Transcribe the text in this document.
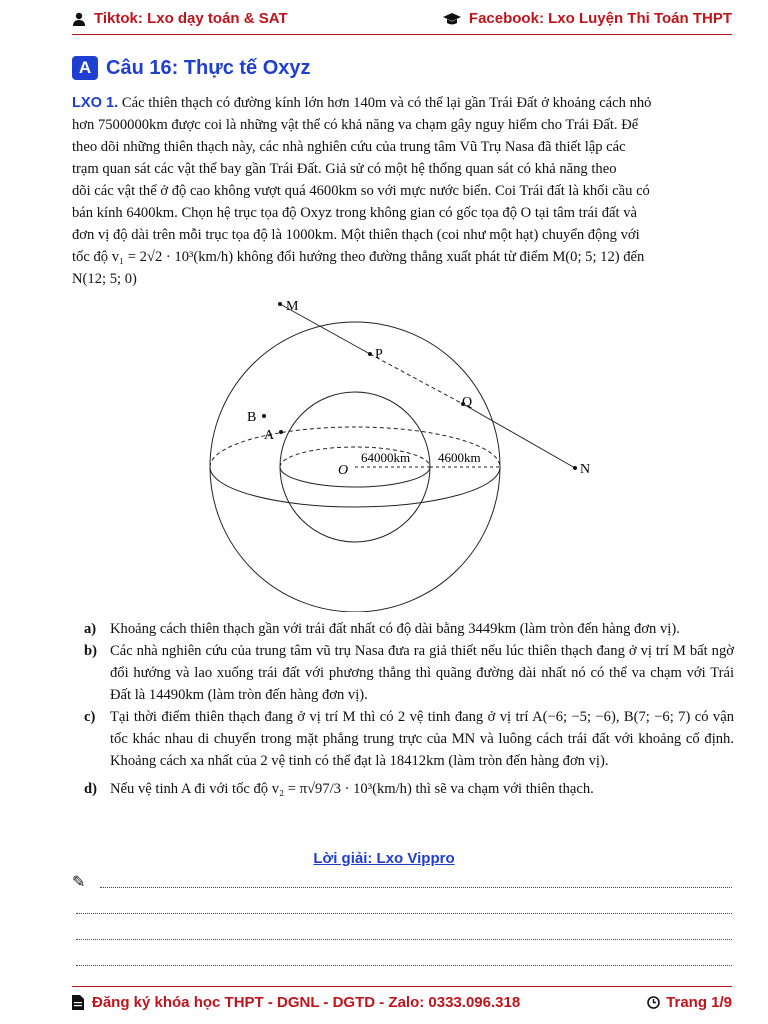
Tiktok: Lxo dạy toán & SAT	Facebook: Lxo Luyện Thi Toán THPT
A Câu 16: Thực tế Oxyz
LXO 1. Các thiên thạch có đường kính lớn hơn 140m và có thể lại gần Trái Đất ở khoảng cách nhỏ
hơn 7500000km được coi là những vật thể có khả năng va chạm gây nguy hiểm cho Trái Đất. Để
theo dõi những thiên thạch này, các nhà nghiên cứu của trung tâm Vũ Trụ Nasa đã thiết lập các
trạm quan sát các vật thể bay gần Trái Đất. Giả sử có một hệ thống quan sát có khả năng theo
dõi các vật thể ở độ cao không vượt quá 4600km so với mực nước biển. Coi Trái đất là khối cầu có
bán kính 6400km. Chọn hệ trục tọa độ Oxyz trong không gian có gốc tọa độ O tại tâm trái đất và
đơn vị độ dài trên mỗi trục tọa độ là 1000km. Một thiên thạch (coi như một hạt) chuyển động với
tốc độ v₁ = 2√2 · 10³(km/h) không đổi hướng theo đường thẳng xuất phát từ điểm M(0; 5; 12) đến
N(12; 5; 0)
M
P
Q
N
B
A
O
64000km 4600km
a) Khoảng cách thiên thạch gần với trái đất nhất có độ dài bằng 3449km (làm tròn đến hàng đơn vị).
b) Các nhà nghiên cứu của trung tâm vũ trụ Nasa đưa ra giả thiết nếu lúc thiên thạch đang ở vị trí M bất ngờ đổi hướng và lao xuống trái đất với phương thẳng thì quãng đường dài nhất nó có thể va chạm với Trái Đất là 14490km (làm tròn đến hàng đơn vị).
c)	Tại thời điểm thiên thạch đang ở vị trí M thì có 2 vệ tinh đang ở vị trí A(−6; −5; −6), B(7; −6; 7) có vận tốc khác nhau di chuyển trong mặt phẳng trung trực của MN và luông cách trái đất với khoảng cố định. Khoảng cách xa nhất của 2 vệ tinh có thể đạt là 18412km (làm tròn đến hàng đơn vị).
d) Nếu vệ tinh A đi với tốc độ v₂ = π√97/3 · 10³(km/h) thì sẽ va chạm với thiên thạch.
Lời giải: Lxo Vippro
✎
Đăng ký khóa học THPT - DGNL - DGTD - Zalo: 0333.096.318	Trang 1/9
